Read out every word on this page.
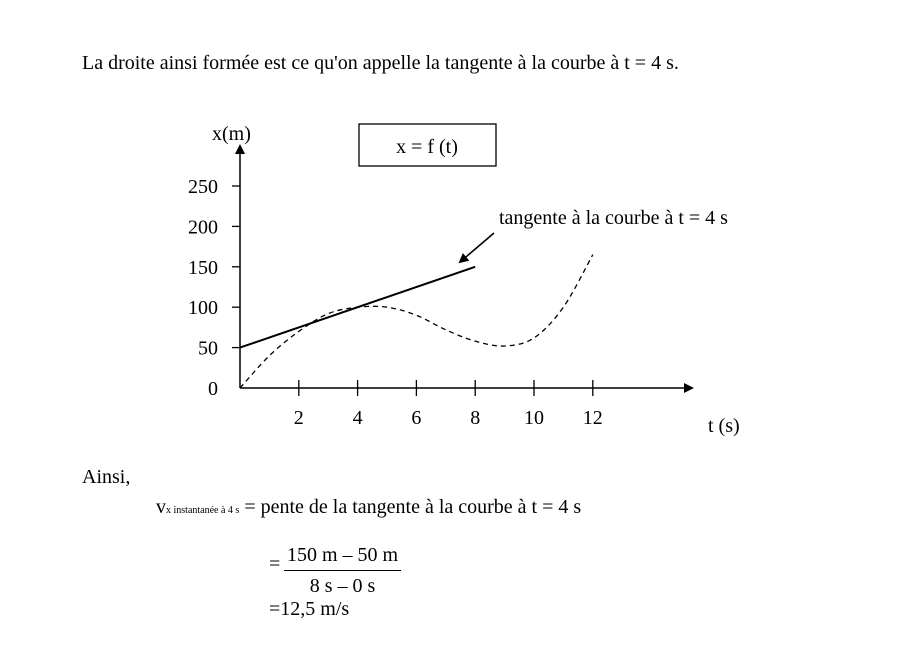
La droite ainsi formée est ce qu'on appelle la tangente à la courbe à t = 4 s.
x(m)
t (s)
x = f (t)
tangente à la courbe à t = 4 s
2 4 6 8 10 12
0
50
100
150
200
250
Ainsi,
vx instantanée à 4 s = pente de la tangente à la courbe à t = 4 s
= $\frac{150 m - 50 m}{8 s - 0 s}$
=12,5 m/s
